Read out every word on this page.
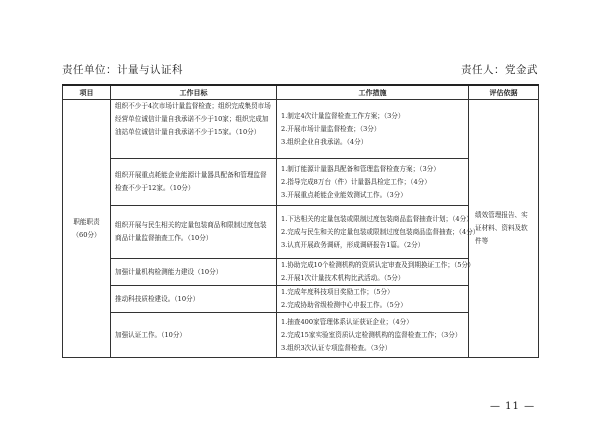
责任单位：计量与认证科	责任人：党金武
项目	工作目标	工作措施	评估依据

职能职责
（60分）	组织不少于4次市场计量监督检查；组织完成集贸市场经营单位诚信计量自我承诺不少于10家；组织完成加油站单位诚信计量自我承诺不少于15家。（10分）	1.制定4次计量监督检查工作方案；（3分）
2.开展市场计量监督检查；（3分）
3.组织企业自我承诺。（4分）	绩效管理报告、实证材料、资料及软件等
	组织开展重点耗能企业能源计量器具配备和管理监督检查不少于12家。（10分）	1.制订能源计量器具配备和管理监督检查方案；（3分）
2.指导完成8万台（件）计量器具检定工作；（4分）
3.开展重点耗能企业能效测试工作。（3分）	

	组织开展与民生相关的定量包装商品和限制过度包装商品计量监督抽查工作。（10分）	1.下达相关的定量包装或限制过度包装商品监督抽查计划；（4分）
2.完成与民生和关的定量包装或限制过度包装商品监督抽查；（4分）
3.认真开展政务调研，形成调研报告1篇。（2分）	

	加强计量机构检测能力建设（10分）	1.协助完成10个检测机构的资质认定审查及到期换证工作；（5分）
2.开展1次计量技术机构比武活动。（5分）	

	推动科技质检建设。（10分）	1.完成年度科技项目奖励工作；（5分）
2.完成协助省级检测中心申报工作。（5分）	

	加强认证工作。（10分）	1.抽查400家管理体系认证获证企业；（4分）
2.完成15家实验室资质认定检测机构的监督检查工作；（3分）
3.组织3次认证专项监督检查。（3分）	
— 11 —
